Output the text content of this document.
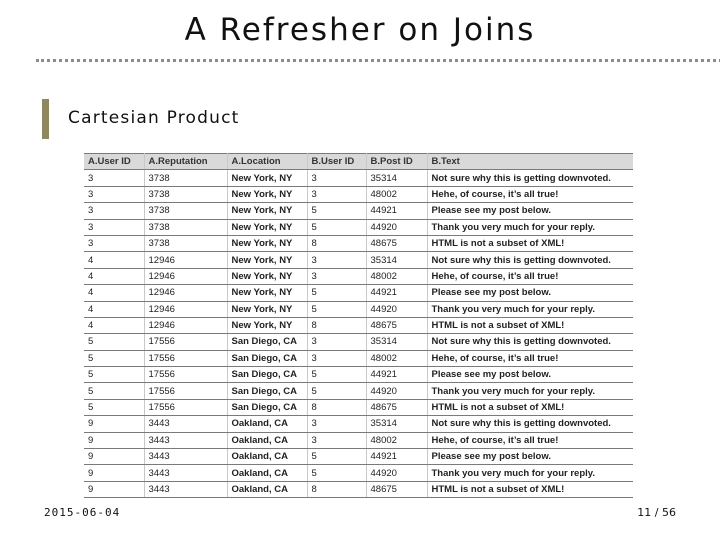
A Refresher on Joins
Cartesian Product
A.User ID	A.Reputation	A.Location	B.User ID	B.Post ID	B.Text
3	3738	New York, NY	3	35314	Not sure why this is getting downvoted.
3	3738	New York, NY	3	48002	Hehe, of course, it’s all true!
3	3738	New York, NY	5	44921	Please see my post below.
3	3738	New York, NY	5	44920	Thank you very much for your reply.
3	3738	New York, NY	8	48675	HTML is not a subset of XML!
4	12946	New York, NY	3	35314	Not sure why this is getting downvoted.
4	12946	New York, NY	3	48002	Hehe, of course, it’s all true!
4	12946	New York, NY	5	44921	Please see my post below.
4	12946	New York, NY	5	44920	Thank you very much for your reply.
4	12946	New York, NY	8	48675	HTML is not a subset of XML!
5	17556	San Diego, CA	3	35314	Not sure why this is getting downvoted.
5	17556	San Diego, CA	3	48002	Hehe, of course, it’s all true!
5	17556	San Diego, CA	5	44921	Please see my post below.
5	17556	San Diego, CA	5	44920	Thank you very much for your reply.
5	17556	San Diego, CA	8	48675	HTML is not a subset of XML!
9	3443	Oakland, CA	3	35314	Not sure why this is getting downvoted.
9	3443	Oakland, CA	3	48002	Hehe, of course, it’s all true!
9	3443	Oakland, CA	5	44921	Please see my post below.
9	3443	Oakland, CA	5	44920	Thank you very much for your reply.
9	3443	Oakland, CA	8	48675	HTML is not a subset of XML!
2015-06-04	11 / 56
